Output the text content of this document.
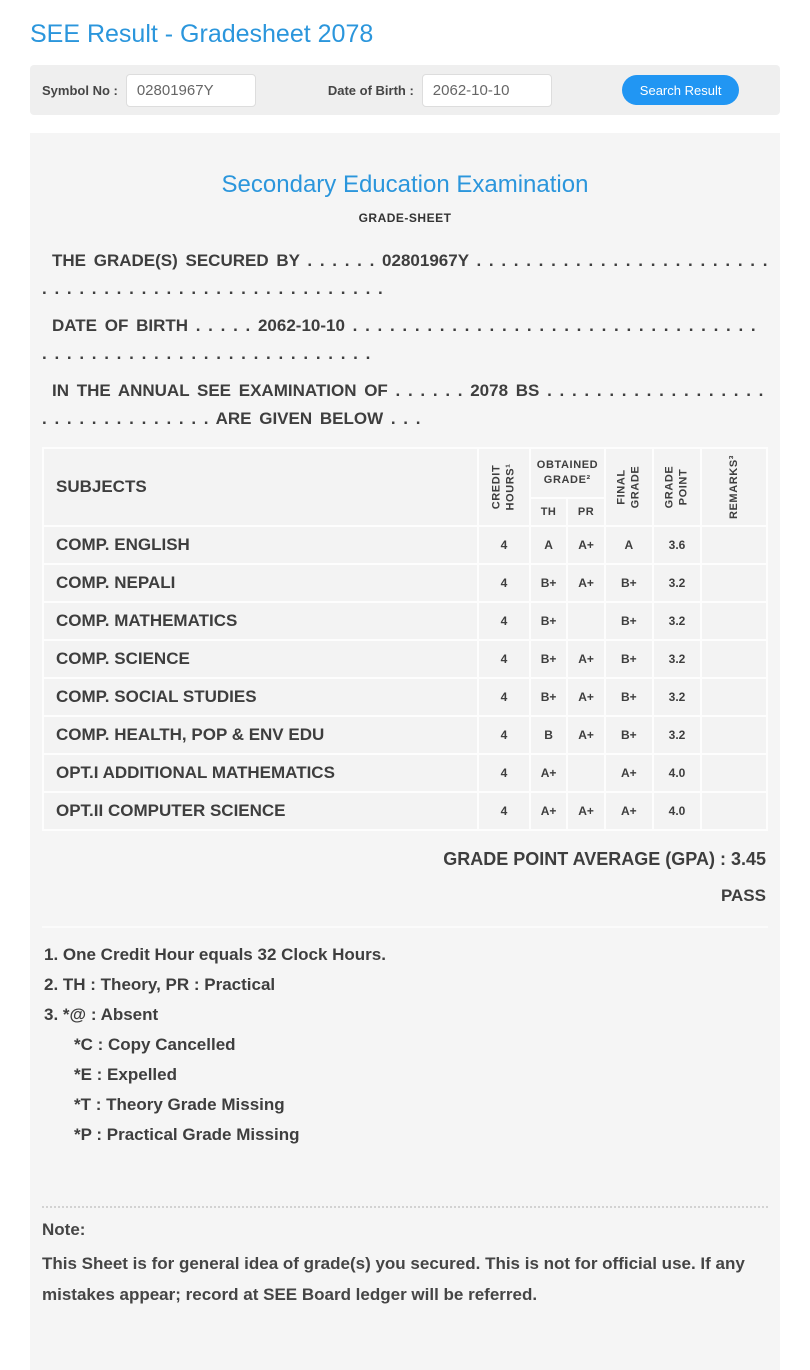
SEE Result - Gradesheet 2078
Symbol No :
02801967Y	Date of Birth :
2062-10-10	Search Result
Secondary Education Examination
GRADE-SHEET

THE GRADE(S) SECURED BY . . . . . . 02801967Y . . . . . . . . . . . . . . . . . . . . . . . . . . . . . . . . . . . . . . . . . . . . . . . . . . . .

DATE OF BIRTH . . . . . 2062-10-10 . . . . . . . . . . . . . . . . . . . . . . . . . . . . . . . . . . . . . . . . . . . . . . . . . . . . . . . . . . . .

IN THE ANNUAL SEE EXAMINATION OF . . . . . . 2078 BS . . . . . . . . . . . . . . . . . . . . . . . . . . . . . . . . ARE GIVEN BELOW . . .

SUBJECTS	CREDIT HOURS¹	OBTAINED GRADE²		FINAL GRADE	GRADE POINT	REMARKS³

		TH	PR			
COMP. ENGLISH	4	A	A+	A	3.6	
COMP. NEPALI	4	B+	A+	B+	3.2	
COMP. MATHEMATICS	4	B+		B+	3.2	
COMP. SCIENCE	4	B+	A+	B+	3.2	
COMP. SOCIAL STUDIES	4	B+	A+	B+	3.2	
COMP. HEALTH, POP & ENV EDU	4	B	A+	B+	3.2	
OPT.I ADDITIONAL MATHEMATICS	4	A+		A+	4.0	
OPT.II COMPUTER SCIENCE	4	A+	A+	A+	4.0	
GRADE POINT AVERAGE (GPA) : 3.45
PASS
1. One Credit Hour equals 32 Clock Hours.
2. TH : Theory, PR : Practical
3. *@ : Absent
*C : Copy Cancelled
*E : Expelled
*T : Theory Grade Missing
*P : Practical Grade Missing
Note:

This Sheet is for general idea of grade(s) you secured. This is not for official use. If any mistakes appear; record at SEE Board ledger will be referred.
